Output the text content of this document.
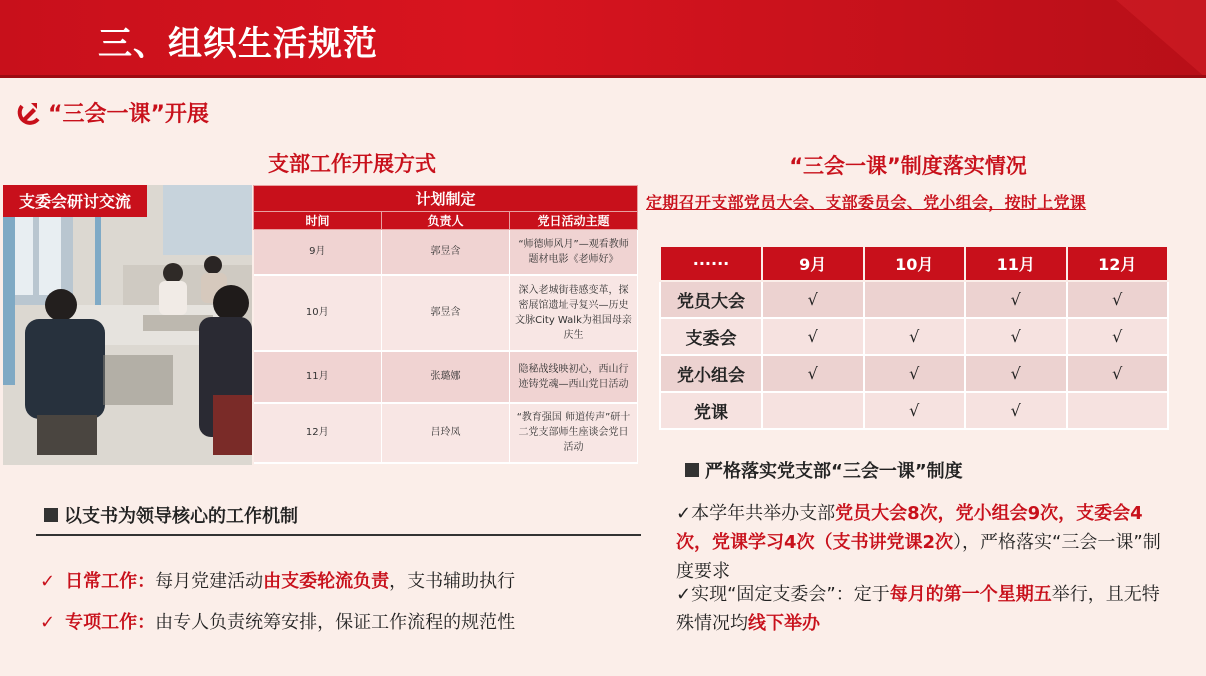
三、组织生活规范
“三会一课”开展
支部工作开展方式	“三会一课”制度落实情况
支委会研讨交流	计划制定		
时间	负责人	党日活动主题
9月	郭昱含	“师德师风月”—观看教师题材电影《老师好》
10月	郭昱含	深入老城街巷感变革，探密展馆遗址寻复兴—历史文脉City Walk为祖国母亲庆生
11月	张璐娜	隐秘战线映初心，西山行迹铸党魂—西山党日活动
12月	吕玲凤	“教育强国 师道传声”研十二党支部师生座谈会党日活动
定期召开支部党员大会、支部委员会、党小组会，按时上党课
······	9月	10月	11月	12月
党员大会	√		√	√
支委会	√	√	√	√
党小组会	√	√	√	√
党课		√	√	
以支书为领导核心的工作机制
✓ 日常工作：每月党建活动由支委轮流负责，支书辅助执行
✓ 专项工作：由专人负责统筹安排，保证工作流程的规范性
严格落实党支部“三会一课”制度
✓本学年共举办支部党员大会8次，党小组会9次，支委会4次，党课学习4次（支书讲党课2次），严格落实“三会一课”制度要求
✓实现“固定支委会”：定于每月的第一个星期五举行，且无特殊情况均线下举办
